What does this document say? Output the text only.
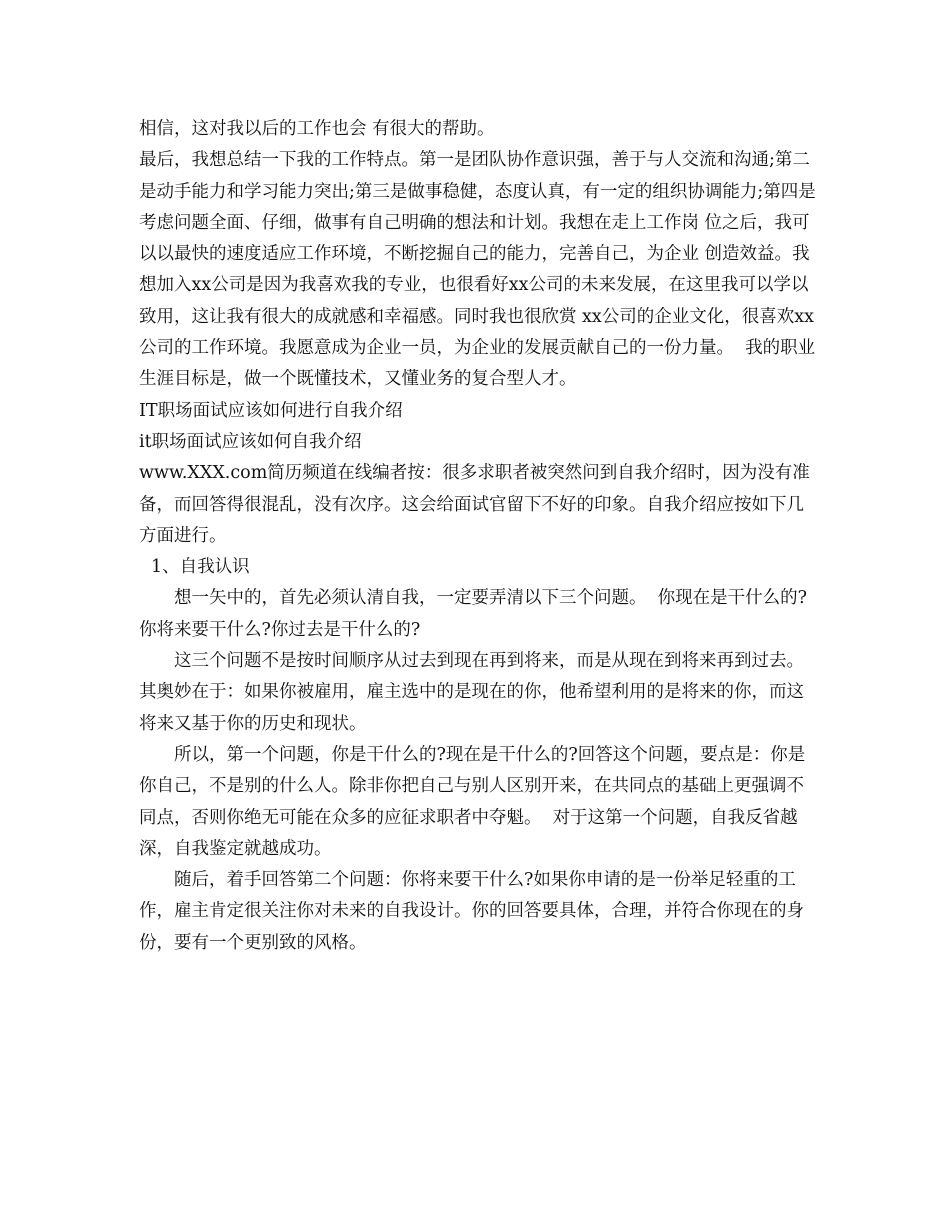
相信，这对我以后的工作也会 有很大的帮助。

最后，我想总结一下我的工作特点。第一是团队协作意识强，善于与人交流和沟通;第二是动手能力和学习能力突出;第三是做事稳健，态度认真，有一定的组织协调能力;第四是考虑问题全面、仔细，做事有自己明确的想法和计划。我想在走上工作岗 位之后，我可以以最快的速度适应工作环境，不断挖掘自己的能力，完善自己，为企业 创造效益。我想加入xx公司是因为我喜欢我的专业，也很看好xx公司的未来发展，在这里我可以学以致用，这让我有很大的成就感和幸福感。同时我也很欣赏 xx公司的企业文化，很喜欢xx公司的工作环境。我愿意成为企业一员，为企业的发展贡献自己的一份力量。  我的职业生涯目标是，做一个既懂技术，又懂业务的复合型人才。

IT职场面试应该如何进行自我介绍

it职场面试应该如何自我介绍

www.XXX.com简历频道在线编者按：很多求职者被突然问到自我介绍时，因为没有准备，而回答得很混乱，没有次序。这会给面试官留下不好的印象。自我介绍应按如下几方面进行。

1、自我认识

想一矢中的，首先必须认清自我，一定要弄清以下三个问题。  你现在是干什么的?你将来要干什么?你过去是干什么的?

这三个问题不是按时间顺序从过去到现在再到将来，而是从现在到将来再到过去。其奥妙在于：如果你被雇用，雇主选中的是现在的你，他希望利用的是将来的你，而这将来又基于你的历史和现状。

所以，第一个问题，你是干什么的?现在是干什么的?回答这个问题，要点是：你是你自己，不是别的什么人。除非你把自己与别人区别开来，在共同点的基础上更强调不同点，否则你绝无可能在众多的应征求职者中夺魁。  对于这第一个问题，自我反省越深，自我鉴定就越成功。

随后，着手回答第二个问题：你将来要干什么?如果你申请的是一份举足轻重的工作，雇主肯定很关注你对未来的自我设计。你的回答要具体，合理，并符合你现在的身份，要有一个更别致的风格。
